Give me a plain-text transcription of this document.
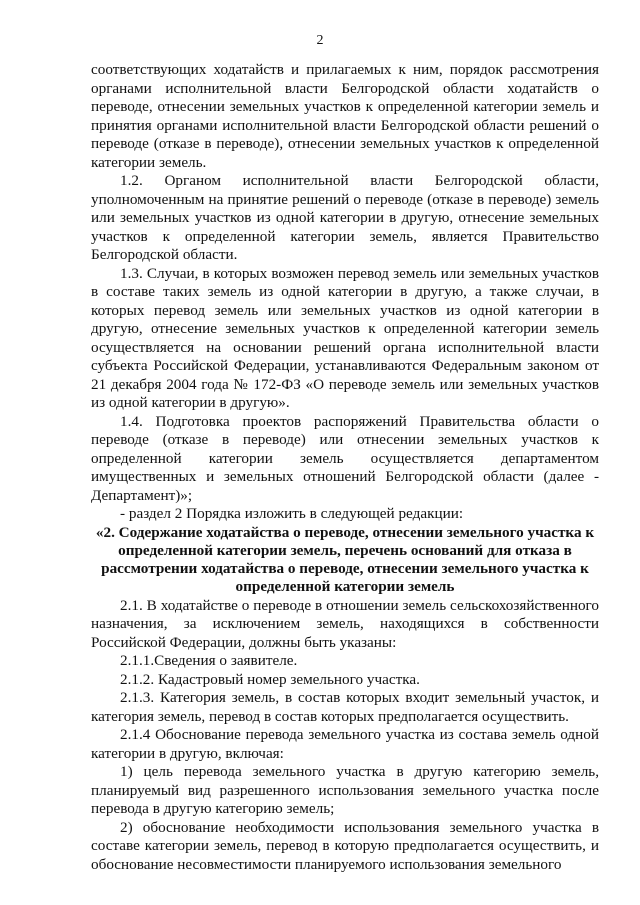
2

соответствующих ходатайств и прилагаемых к ним, порядок рассмотрения органами исполнительной власти Белгородской области ходатайств о переводе, отнесении земельных участков к определенной категории земель и принятия органами исполнительной власти Белгородской области решений о переводе (отказе в переводе), отнесении земельных участков к определенной категории земель.

1.2. Органом исполнительной власти Белгородской области, уполномоченным на принятие решений о переводе (отказе в переводе) земель или земельных участков из одной категории в другую, отнесение земельных участков к определенной категории земель, является Правительство Белгородской области.

1.3. Случаи, в которых возможен перевод земель или земельных участков в составе таких земель из одной категории в другую, а также случаи, в которых перевод земель или земельных участков из одной категории в другую, отнесение земельных участков к определенной категории земель осуществляется на основании решений органа исполнительной власти субъекта Российской Федерации, устанавливаются Федеральным законом от 21 декабря 2004 года № 172-ФЗ «О переводе земель или земельных участков из одной категории в другую».

1.4. Подготовка проектов распоряжений Правительства области о переводе (отказе в переводе) или отнесении земельных участков к определенной категории земель осуществляется департаментом имущественных и земельных отношений Белгородской области (далее - Департамент)»;

- раздел 2 Порядка изложить в следующей редакции:

«2. Содержание ходатайства о переводе, отнесении земельного участка к определенной категории земель, перечень оснований для отказа в рассмотрении ходатайства о переводе, отнесении земельного участка к определенной категории земель

2.1. В ходатайстве о переводе в отношении земель сельскохозяйственного назначения, за исключением земель, находящихся в собственности Российской Федерации, должны быть указаны:

2.1.1.Сведения о заявителе.

2.1.2. Кадастровый номер земельного участка.

2.1.3. Категория земель, в состав которых входит земельный участок, и категория земель, перевод в состав которых предполагается осуществить.

2.1.4 Обоснование перевода земельного участка из состава земель одной категории в другую, включая:

1) цель перевода земельного участка в другую категорию земель, планируемый вид разрешенного использования земельного участка после перевода в другую категорию земель;

2) обоснование необходимости использования земельного участка в составе категории земель, перевод в которую предполагается осуществить, и обоснование несовместимости планируемого использования земельного
